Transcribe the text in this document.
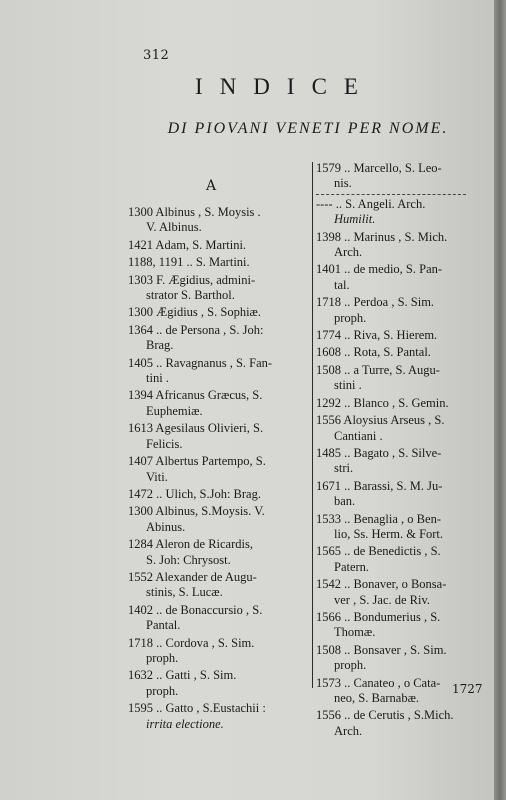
312
INDICE
DI PIOVANI VENETI PER NOME.
A
1300 Albinus , S. Moysis .
V. Albinus.
1421 Adam, S. Martini.
1188, 1191 .. S. Martini.
1303 F. Ægidius, admini-
strator S. Barthol.
1300 Ægidius , S. Sophiæ.
1364 .. de Persona , S. Joh:
Brag.
1405 .. Ravagnanus , S. Fan-
tini .
1394 Africanus Græcus, S.
Euphemiæ.
1613 Agesilaus Olivieri, S.
Felicis.
1407 Albertus Partempo, S.
Viti.
1472 .. Ulich, S.Joh: Brag.
1300 Albinus, S.Moysis. V.
Abinus.
1284 Aleron de Ricardis,
S. Joh: Chrysost.
1552 Alexander de Augu-
stinis, S. Lucæ.
1402 .. de Bonaccursio , S.
Pantal.
1718 .. Cordova , S. Sim.
proph.
1632 .. Gatti , S. Sim.
proph.
1595 .. Gatto , S.Eustachii :
irrita electione.
1579 .. Marcello, S. Leo-
nis.
---- .. S. Angeli. Arch.
Humilit.
1398 .. Marinus , S. Mich.
Arch.
1401 .. de medio, S. Pan-
tal.
1718 .. Perdoa , S. Sim.
proph.
1774 .. Riva, S. Hierem.
1608 .. Rota, S. Pantal.
1508 .. a Turre, S. Augu-
stini .
1292 .. Blanco , S. Gemin.
1556 Aloysius Arseus , S.
Cantiani .
1485 .. Bagato , S. Silve-
stri.
1671 .. Barassi, S. M. Ju-
ban.
1533 .. Benaglia , o Ben-
lio, Ss. Herm. & Fort.
1565 .. de Benedictis , S.
Patern.
1542 .. Bonaver, o Bonsa-
ver , S. Jac. de Riv.
1566 .. Bondumerius , S.
Thomæ.
1508 .. Bonsaver , S. Sim.
proph.
1573 .. Canateo , o Cata-
neo, S. Barnabæ.
1556 .. de Cerutis , S.Mich.
Arch.
1727
